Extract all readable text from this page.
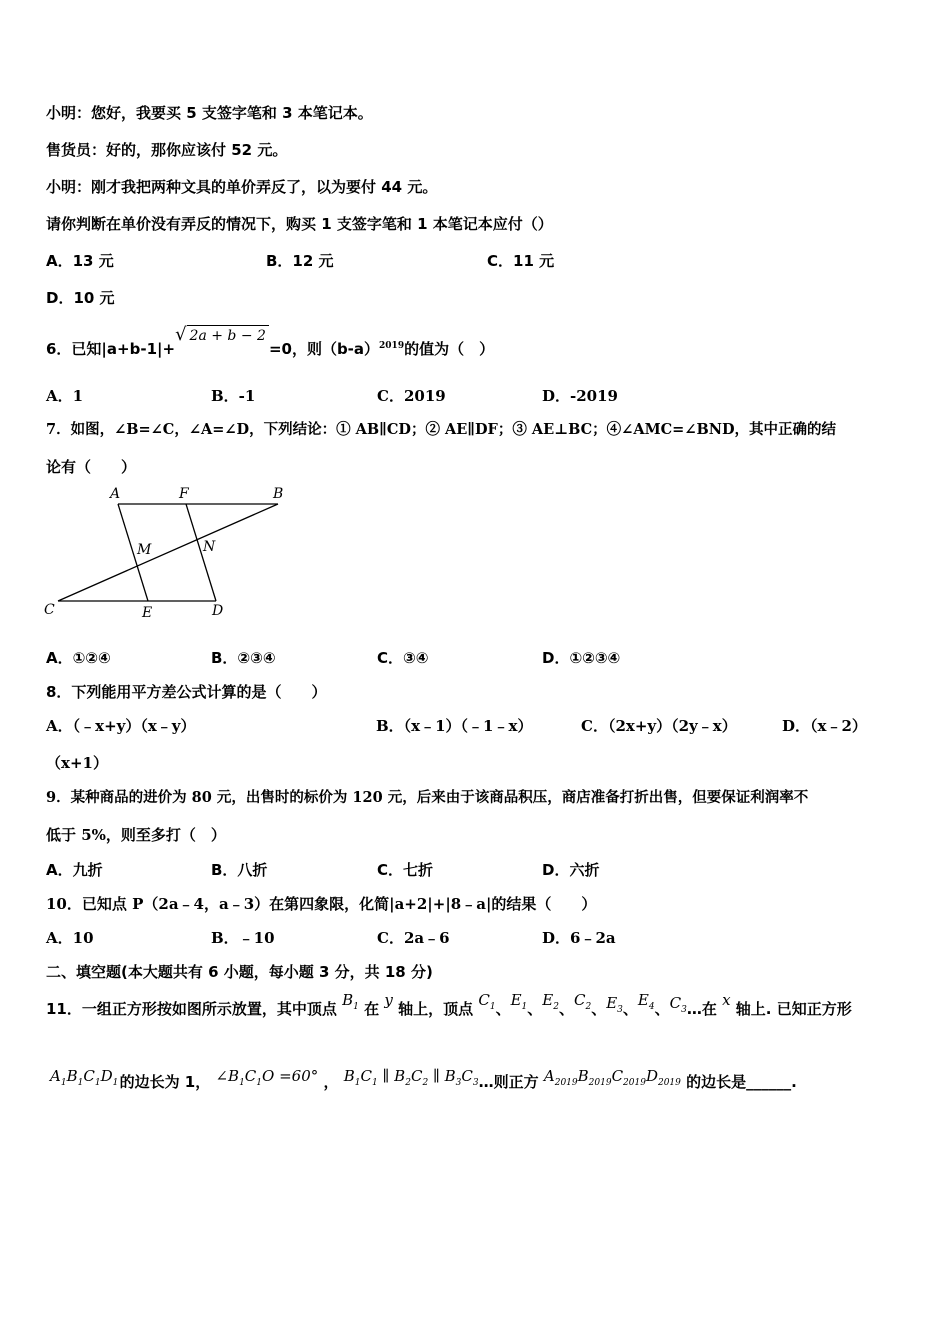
小明：您好，我要买 5 支签字笔和 3 本笔记本。
售货员：好的，那你应该付 52 元。
小明：刚才我把两种文具的单价弄反了，以为要付 44 元。
请你判断在单价没有弄反的情况下，购买 1 支签字笔和 1 本笔记本应付（）
A．13 元	B．12 元	C．11 元
D．10 元
6．已知|a+b-1|+√ 2a + b − 2=0，则$(b-a)^{2019}$的值为（　）
A．1	B．-1	C．2019	D．-2019
7．如图，∠B=∠C，∠A=∠D，下列结论：① AB∥CD；② AE∥DF；③ AE⊥BC；④∠AMC=∠BND，其中正确的结
论有（　　）
A	F	B
M	N
C	E	D
A．①②④	B．②③④	C．③④	D．①②③④
8．下列能用平方差公式计算的是（　　）
A．（﹣x+y）（x﹣y）	B．（x﹣1）（﹣1﹣x）	C．（2x+y）（2y﹣x）	D．（x﹣2）
（x+1）
9．某种商品的进价为 80 元，出售时的标价为 120 元，后来由于该商品积压，商店准备打折出售，但要保证利润率不
低于 5%，则至多打（　）
A．九折	B．八折	C．七折	D．六折
10．已知点 P（2a﹣4，a﹣3）在第四象限，化简|a+2|+|8﹣a|的结果（　　）
A．10	B．﹣10	C．2a﹣6	D．6﹣2a
二、填空题(本大题共有 6 小题，每小题 3 分，共 18 分)
11．一组正方形按如图所示放置，其中顶点 $B_1$ 在 y 轴上，顶点 $C_1$、$E_1$、$E_2$、$C_2$、$E_3$、$E_4$、$C_3\dots$在 x 轴上. 已知正方形
$A_1B_1C_1D_1$ 的边长为 1， $\angle B_1C_1O =60^\circ$ ， $B_1C_1$ ∥ $B_2C_2$ ∥ $B_3C_3\dots$则正方 $A_{2019}B_{2019}C_{2019}D_{2019}$ 的边长是______.
